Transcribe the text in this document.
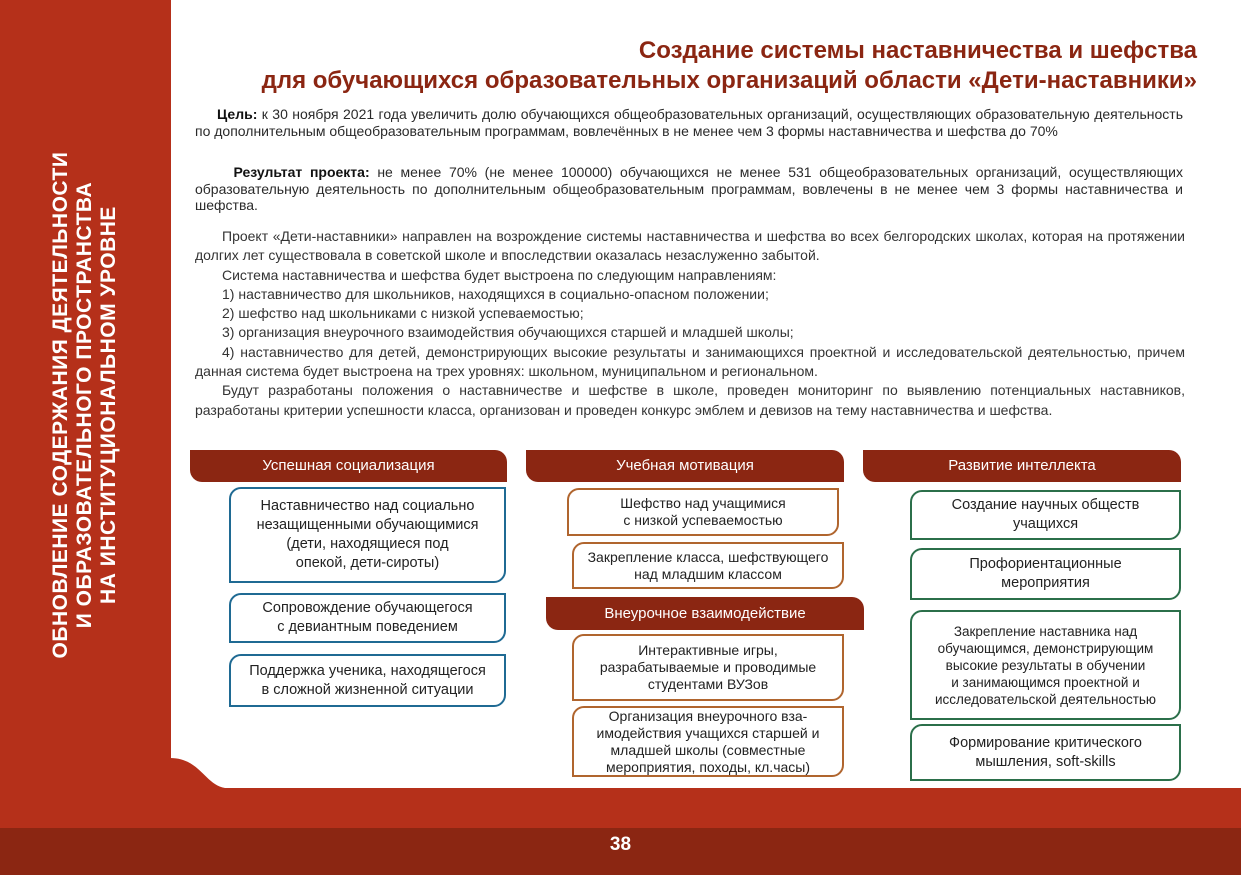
ОБНОВЛЕНИЕ СОДЕРЖАНИЯ ДЕЯТЕЛЬНОСТИ И ОБРАЗОВАТЕЛЬНОГО ПРОСТРАНСТВА НА ИНСТИТУЦИОНАЛЬНОМ УРОВНЕ
38
Создание системы наставничества и шефства
для обучающихся образовательных организаций области «Дети-наставники»

Цель: к 30 ноября 2021 года увеличить долю обучающихся общеобразовательных организаций, осуществляющих образовательную деятельность по дополнительным общеобразовательным программам, вовлечённых в не менее чем 3 формы наставничества и шефства до 70%

Результат проекта: не менее 70% (не менее 100000) обучающихся не менее 531 общеобразовательных организаций, осуществляющих образовательную деятельность по дополнительным общеобразовательным программам, вовлечены в не менее чем 3 формы наставничества и шефства.

Проект «Дети-наставники» направлен на возрождение системы наставничества и шефства во всех белгородских школах, которая на протяжении долгих лет существовала в советской школе и впоследствии оказалась незаслуженно забытой.

Система наставничества и шефства будет выстроена по следующим направлениям:

1) наставничество для школьников, находящихся в социально-опасном положении;

2) шефство над школьниками с низкой успеваемостью;

3) организация внеурочного взаимодействия обучающихся старшей и младшей школы;

4) наставничество для детей, демонстрирующих высокие результаты и занимающихся проектной и исследовательской деятельностью, причем данная система будет выстроена на трех уровнях: школьном, муниципальном и региональном.

Будут разработаны положения о наставничестве и шефстве в школе, проведен мониторинг по выявлению потенциальных наставников, разработаны критерии успешности класса, организован и проведен конкурс эмблем и девизов на тему наставничества и шефства.

Успешная социализация
Наставничество над социально
незащищенными обучающимися
(дети, находящиеся под
опекой, дети-сироты)
Сопровождение обучающегося
с девиантным поведением
Поддержка ученика, находящегося
в сложной жизненной ситуации
Учебная мотивация
Шефство над учащимися
с низкой успеваемостью
Закрепление класса, шефствующего
над младшим классом
Внеурочное взаимодействие
Интерактивные игры,
разрабатываемые и проводимые
студентами ВУЗов
Организация внеурочного вза-
имодействия учащихся старшей и
младшей школы (совместные
мероприятия, походы, кл.часы)
Развитие интеллекта
Создание научных обществ
учащихся
Профориентационные
мероприятия
Закрепление наставника над
обучающимся, демонстрирующим
высокие результаты в обучении
и занимающимся проектной и
исследовательской деятельностью
Формирование критического
мышления, soft-skills
